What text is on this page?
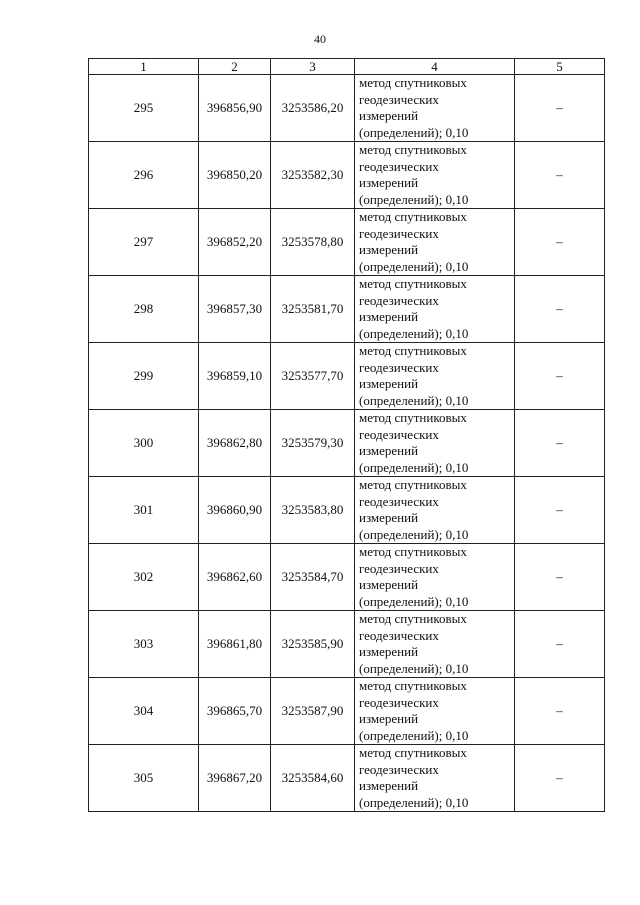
40
1	2	3	4	5
295	396856,90	3253586,20	метод спутниковых
геодезических
измерений
(определений); 0,10	–
296	396850,20	3253582,30	метод спутниковых
геодезических
измерений
(определений); 0,10	–
297	396852,20	3253578,80	метод спутниковых
геодезических
измерений
(определений); 0,10	–
298	396857,30	3253581,70	метод спутниковых
геодезических
измерений
(определений); 0,10	–
299	396859,10	3253577,70	метод спутниковых
геодезических
измерений
(определений); 0,10	–
300	396862,80	3253579,30	метод спутниковых
геодезических
измерений
(определений); 0,10	–
301	396860,90	3253583,80	метод спутниковых
геодезических
измерений
(определений); 0,10	–
302	396862,60	3253584,70	метод спутниковых
геодезических
измерений
(определений); 0,10	–
303	396861,80	3253585,90	метод спутниковых
геодезических
измерений
(определений); 0,10	–
304	396865,70	3253587,90	метод спутниковых
геодезических
измерений
(определений); 0,10	–
305	396867,20	3253584,60	метод спутниковых
геодезических
измерений
(определений); 0,10	–
